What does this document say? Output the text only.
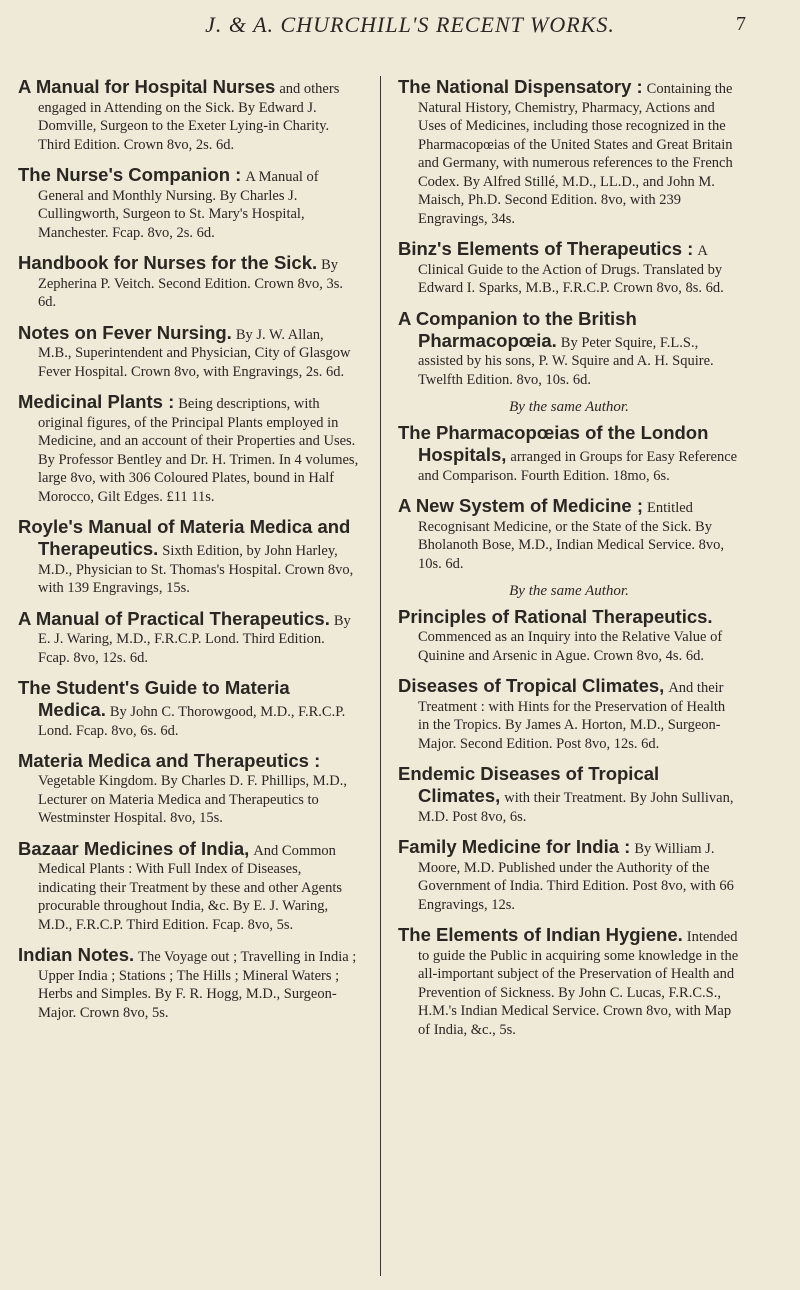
J. & A. CHURCHILL'S RECENT WORKS.	7

A Manual for Hospital Nurses and others engaged in Attending on the Sick. By Edward J. Domville, Surgeon to the Exeter Lying-in Charity. Third Edition. Crown 8vo, 2s. 6d.

The Nurse's Companion : A Manual of General and Monthly Nursing. By Charles J. Cullingworth, Surgeon to St. Mary's Hospital, Manchester. Fcap. 8vo, 2s. 6d.

Handbook for Nurses for the Sick. By Zepherina P. Veitch. Second Edition. Crown 8vo, 3s. 6d.

Notes on Fever Nursing. By J. W. Allan, M.B., Superintendent and Physician, City of Glasgow Fever Hospital. Crown 8vo, with Engravings, 2s. 6d.

Medicinal Plants : Being descriptions, with original figures, of the Principal Plants employed in Medicine, and an account of their Properties and Uses. By Professor Bentley and Dr. H. Trimen. In 4 volumes, large 8vo, with 306 Coloured Plates, bound in Half Morocco, Gilt Edges. £11 11s.

Royle's Manual of Materia Medica and Therapeutics. Sixth Edition, by John Harley, M.D., Physician to St. Thomas's Hospital. Crown 8vo, with 139 Engravings, 15s.

A Manual of Practical Therapeutics. By E. J. Waring, M.D., F.R.C.P. Lond. Third Edition. Fcap. 8vo, 12s. 6d.

The Student's Guide to Materia Medica. By John C. Thorowgood, M.D., F.R.C.P. Lond. Fcap. 8vo, 6s. 6d.

Materia Medica and Therapeutics : Vegetable Kingdom. By Charles D. F. Phillips, M.D., Lecturer on Materia Medica and Therapeutics to Westminster Hospital. 8vo, 15s.

Bazaar Medicines of India, And Common Medical Plants : With Full Index of Diseases, indicating their Treatment by these and other Agents procurable throughout India, &c. By E. J. Waring, M.D., F.R.C.P. Third Edition. Fcap. 8vo, 5s.

Indian Notes. The Voyage out ; Travelling in India ; Upper India ; Stations ; The Hills ; Mineral Waters ; Herbs and Simples. By F. R. Hogg, M.D., Surgeon-Major. Crown 8vo, 5s.

The National Dispensatory : Containing the Natural History, Chemistry, Pharmacy, Actions and Uses of Medicines, including those recognized in the Pharmacopœias of the United States and Great Britain and Germany, with numerous references to the French Codex. By Alfred Stillé, M.D., LL.D., and John M. Maisch, Ph.D. Second Edition. 8vo, with 239 Engravings, 34s.

Binz's Elements of Therapeutics : A Clinical Guide to the Action of Drugs. Translated by Edward I. Sparks, M.B., F.R.C.P. Crown 8vo, 8s. 6d.

A Companion to the British Pharmacopœia. By Peter Squire, F.L.S., assisted by his sons, P. W. Squire and A. H. Squire. Twelfth Edition. 8vo, 10s. 6d.

By the same Author.

The Pharmacopœias of the London Hospitals, arranged in Groups for Easy Reference and Comparison. Fourth Edition. 18mo, 6s.

A New System of Medicine ; Entitled Recognisant Medicine, or the State of the Sick. By Bholanoth Bose, M.D., Indian Medical Service. 8vo, 10s. 6d.

By the same Author.

Principles of Rational Therapeutics. Commenced as an Inquiry into the Relative Value of Quinine and Arsenic in Ague. Crown 8vo, 4s. 6d.

Diseases of Tropical Climates, And their Treatment : with Hints for the Preservation of Health in the Tropics. By James A. Horton, M.D., Surgeon-Major. Second Edition. Post 8vo, 12s. 6d.

Endemic Diseases of Tropical Climates, with their Treatment. By John Sullivan, M.D. Post 8vo, 6s.

Family Medicine for India : By William J. Moore, M.D. Published under the Authority of the Government of India. Third Edition. Post 8vo, with 66 Engravings, 12s.

The Elements of Indian Hygiene. Intended to guide the Public in acquiring some knowledge in the all-important subject of the Preservation of Health and Prevention of Sickness. By John C. Lucas, F.R.C.S., H.M.'s Indian Medical Service. Crown 8vo, with Map of India, &c., 5s.
